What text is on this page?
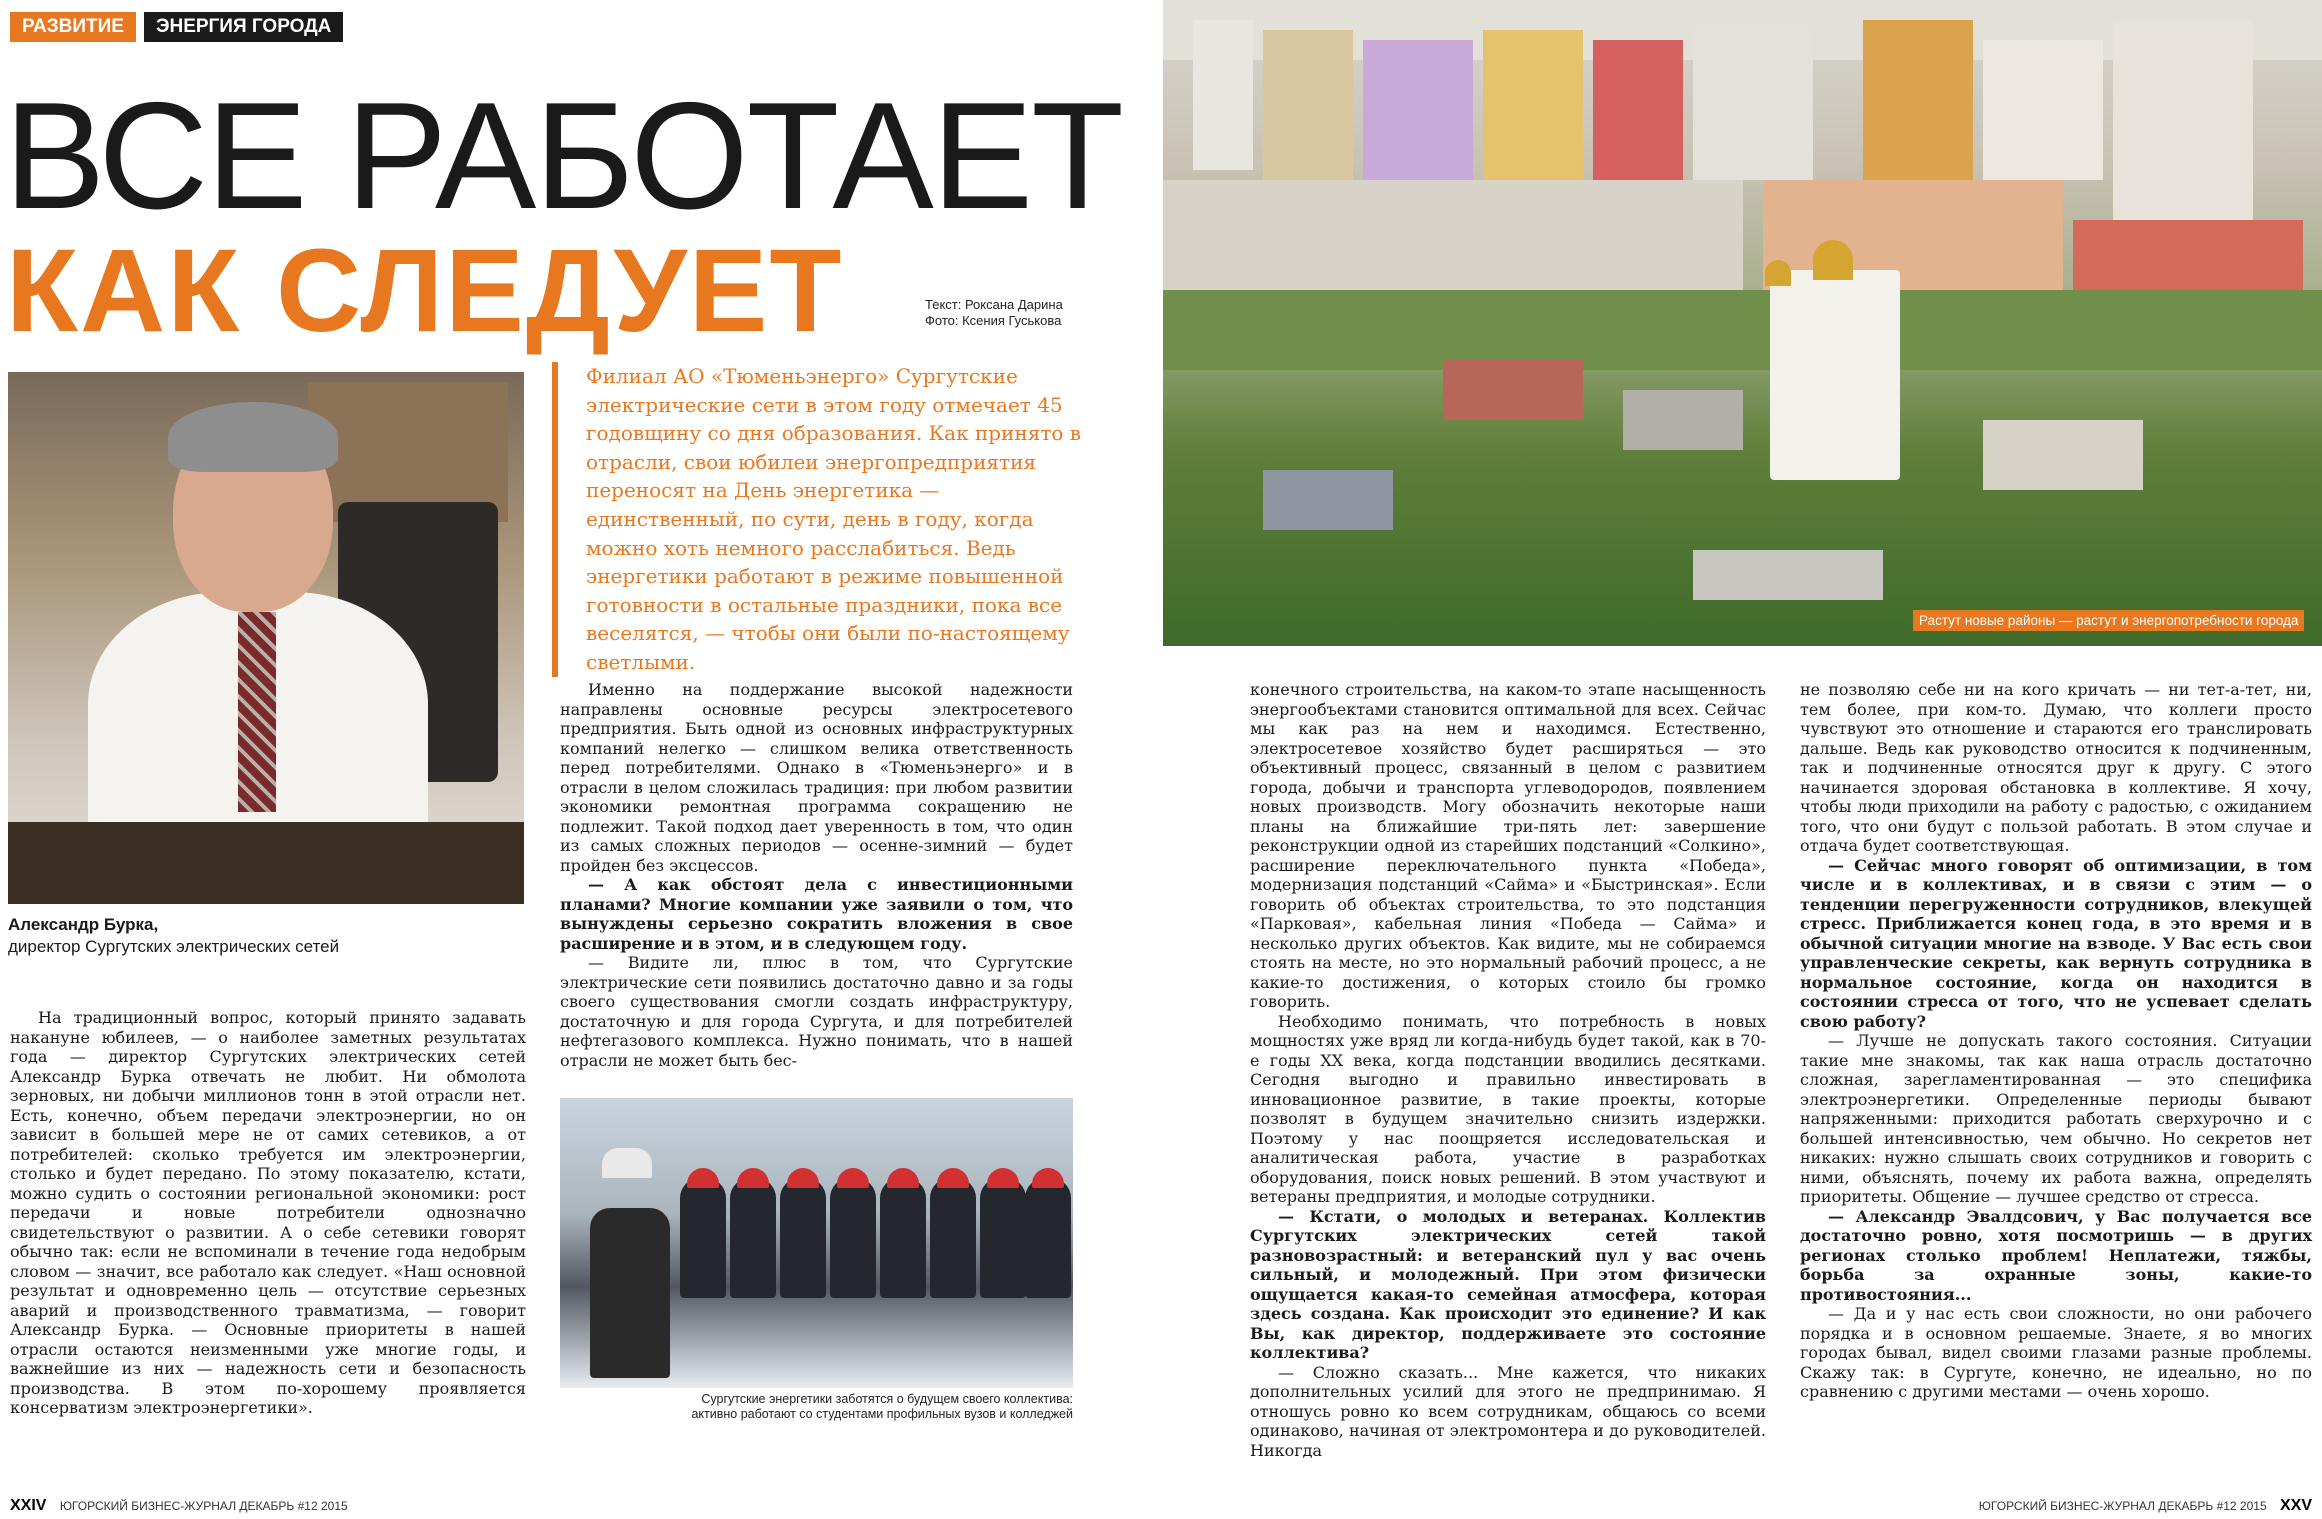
РАЗВИТИЕ	ЭНЕРГИЯ ГОРОДА
ВСЕ РАБОТАЕТ
КАК СЛЕДУЕТ	Текст: Роксана Дарина
Фото: Ксения Гуськова
Александр Бурка,
директор Сургутских электрических сетей
Филиал АО «Тюменьэнерго» Сургутские электрические сети в этом году отмечает 45 годовщину со дня образования. Как принято в отрасли, свои юбилеи энергопредприятия переносят на День энергетика — единственный, по сути, день в году, когда можно хоть немного расслабиться. Ведь энергетики работают в режиме повышенной готовности в остальные праздники, пока все веселятся, — чтобы они были по-настоящему светлыми.

На традиционный вопрос, который принято задавать накануне юбилеев, — о наиболее заметных результатах года — директор Сургутских электрических сетей Александр Бурка отвечать не любит. Ни обмолота зерновых, ни добычи миллионов тонн в этой отрасли нет. Есть, конечно, объем передачи электроэнергии, но он зависит в большей мере не от самих сетевиков, а от потребителей: сколько требуется им электроэнергии, столько и будет передано. По этому показателю, кстати, можно судить о состоянии региональной экономики: рост передачи и новые потребители однозначно свидетельствуют о развитии. А о себе сетевики говорят обычно так: если не вспоминали в течение года недобрым словом — значит, все работало как следует. «Наш основной результат и одновременно цель — отсутствие серьезных аварий и производственного травматизма, — говорит Александр Бурка. — Основные приоритеты в нашей отрасли остаются неизменными уже многие годы, и важнейшие из них — надежность сети и безопасность производства. В этом по-хорошему проявляется консерватизм электроэнергетики».

Именно на поддержание высокой надежности направлены основные ресурсы электросетевого предприятия. Быть одной из основных инфраструктурных компаний нелегко — слишком велика ответственность перед потребителями. Однако в «Тюменьэнерго» и в отрасли в целом сложилась традиция: при любом развитии экономики ремонтная программа сокращению не подлежит. Такой подход дает уверенность в том, что один из самых сложных периодов — осенне-зимний — будет пройден без эксцессов.

— А как обстоят дела с инвестиционными планами? Многие компании уже заявили о том, что вынуждены серьезно сократить вложения в свое расширение и в этом, и в следующем году.

— Видите ли, плюс в том, что Сургутские электрические сети появились достаточно давно и за годы своего существования смогли создать инфраструктуру, достаточную и для города Сургута, и для потребителей нефтегазового комплекса. Нужно понимать, что в нашей отрасли не может быть бес-

Сургутские энергетики заботятся о будущем своего коллектива:
активно работают со студентами профильных вузов и колледжей

конечного строительства, на каком-то этапе насыщенность энергообъектами становится оптимальной для всех. Сейчас мы как раз на нем и находимся. Естественно, электросетевое хозяйство будет расширяться — это объективный процесс, связанный в целом с развитием города, добычи и транспорта углеводородов, появлением новых производств. Могу обозначить некоторые наши планы на ближайшие три-пять лет: завершение реконструкции одной из старейших подстанций «Солкино», расширение переключательного пункта «Победа», модернизация подстанций «Сайма» и «Быстринская». Если говорить об объектах строительства, то это подстанция «Парковая», кабельная линия «Победа — Сайма» и несколько других объектов. Как видите, мы не собираемся стоять на месте, но это нормальный рабочий процесс, а не какие-то достижения, о которых стоило бы громко говорить.

Необходимо понимать, что потребность в новых мощностях уже вряд ли когда-нибудь будет такой, как в 70-е годы XX века, когда подстанции вводились десятками. Сегодня выгодно и правильно инвестировать в инновационное развитие, в такие проекты, которые позволят в будущем значительно снизить издержки. Поэтому у нас поощряется исследовательская и аналитическая работа, участие в разработках оборудования, поиск новых решений. В этом участвуют и ветераны предприятия, и молодые сотрудники.

— Кстати, о молодых и ветеранах. Коллектив Сургутских электрических сетей такой разновозрастный: и ветеранский пул у вас очень сильный, и молодежный. При этом физически ощущается какая-то семейная атмосфера, которая здесь создана. Как происходит это единение? И как Вы, как директор, поддерживаете это состояние коллектива?

— Сложно сказать... Мне кажется, что никаких дополнительных усилий для этого не предпринимаю. Я отношусь ровно ко всем сотрудникам, общаюсь со всеми одинаково, начиная от электромонтера и до руководителей. Никогда

не позволяю себе ни на кого кричать — ни тет-а-тет, ни, тем более, при ком-то. Думаю, что коллеги просто чувствуют это отношение и стараются его транслировать дальше. Ведь как руководство относится к подчиненным, так и подчиненные относятся друг к другу. С этого начинается здоровая обстановка в коллективе. Я хочу, чтобы люди приходили на работу с радостью, с ожиданием того, что они будут с пользой работать. В этом случае и отдача будет соответствующая.

— Сейчас много говорят об оптимизации, в том числе и в коллективах, и в связи с этим — о тенденции перегруженности сотрудников, влекущей стресс. Приближается конец года, в это время и в обычной ситуации многие на взводе. У Вас есть свои управленческие секреты, как вернуть сотрудника в нормальное состояние, когда он находится в состоянии стресса от того, что не успевает сделать свою работу?

— Лучше не допускать такого состояния. Ситуации такие мне знакомы, так как наша отрасль достаточно сложная, зарегламентированная — это специфика электроэнергетики. Определенные периоды бывают напряженными: приходится работать сверхурочно и с большей интенсивностью, чем обычно. Но секретов нет никаких: нужно слышать своих сотрудников и говорить с ними, объяснять, почему их работа важна, определять приоритеты. Общение — лучшее средство от стресса.

— Александр Эвалдсович, у Вас получается все достаточно ровно, хотя посмотришь — в других регионах столько проблем! Неплатежи, тяжбы, борьба за охранные зоны, какие-то противостояния...

— Да и у нас есть свои сложности, но они рабочего порядка и в основном решаемые. Знаете, я во многих городах бывал, видел своими глазами разные проблемы. Скажу так: в Сургуте, конечно, не идеально, но по сравнению с другими местами — очень хорошо.

Растут новые районы — растут и энергопотребности города
XXIV ЮГОРСКИЙ БИЗНЕС-ЖУРНАЛ ДЕКАБРЬ #12 2015	ЮГОРСКИЙ БИЗНЕС-ЖУРНАЛ ДЕКАБРЬ #12 2015 XXV
